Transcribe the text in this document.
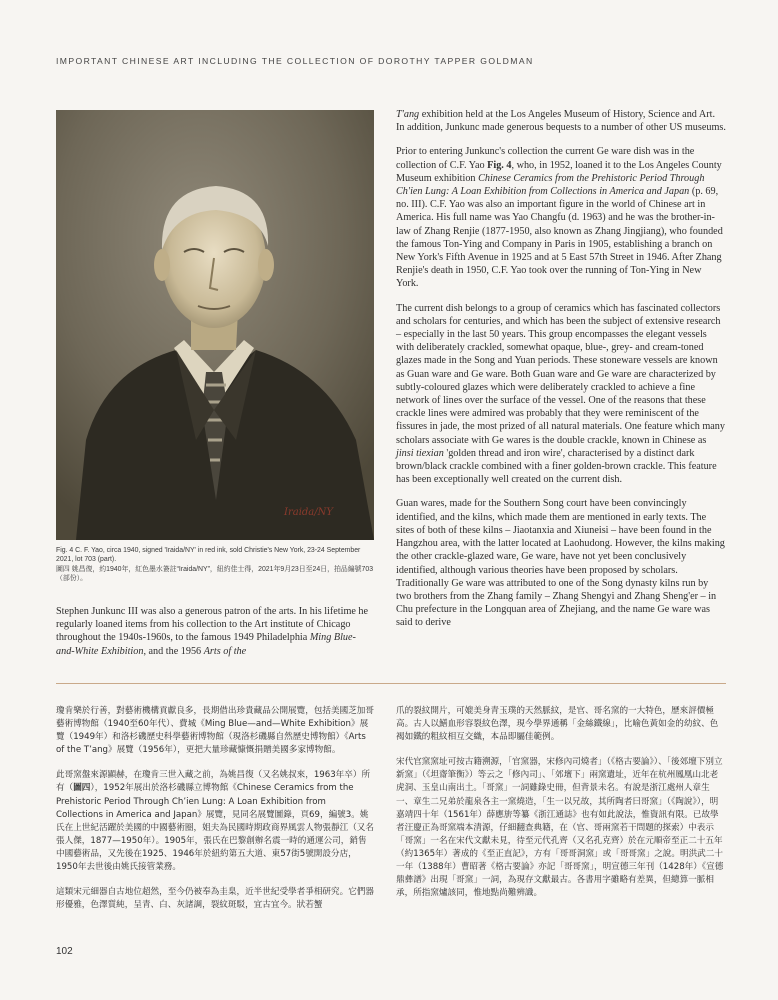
IMPORTANT CHINESE ART INCLUDING THE COLLECTION OF DOROTHY TAPPER GOLDMAN
Iraida/NY

Fig. 4 C. F. Yao, circa 1940, signed 'Iraida/NY' in red ink, sold Christie's New York, 23-24 September 2021, lot 703 (part).

圖四 姚昌復，約1940年，紅色墨水簽註“Iraida/NY”，紐約佳士得，2021年9月23日至24日，拍品編號703（部份）。

Stephen Junkunc III was also a generous patron of the arts. In his lifetime he regularly loaned items from his collection to the Art institute of Chicago throughout the 1940s-1960s, to the famous 1949 Philadelphia Ming Blue-and-White Exhibition, and the 1956 Arts of the

T'ang exhibition held at the Los Angeles Museum of History, Science and Art. In addition, Junkunc made generous bequests to a number of other US museums.

Prior to entering Junkunc's collection the current Ge ware dish was in the collection of C.F. Yao Fig. 4, who, in 1952, loaned it to the Los Angeles County Museum exhibition Chinese Ceramics from the Prehistoric Period Through Ch'ien Lung: A Loan Exhibition from Collections in America and Japan (p. 69, no. III). C.F. Yao was also an important figure in the world of Chinese art in America. His full name was Yao Changfu (d. 1963) and he was the brother-in-law of Zhang Renjie (1877-1950, also known as Zhang Jingjiang), who founded the famous Ton-Ying and Company in Paris in 1905, establishing a branch on New York's Fifth Avenue in 1925 and at 5 East 57th Street in 1946. After Zhang Renjie's death in 1950, C.F. Yao took over the running of Ton-Ying in New York.

The current dish belongs to a group of ceramics which has fascinated collectors and scholars for centuries, and which has been the subject of extensive research – especially in the last 50 years. This group encompasses the elegant vessels with deliberately crackled, somewhat opaque, blue-, grey- and cream-toned glazes made in the Song and Yuan periods. These stoneware vessels are known as Guan ware and Ge ware. Both Guan ware and Ge ware are characterized by subtly-coloured glazes which were deliberately crackled to achieve a fine network of lines over the surface of the vessel. One of the reasons that these crackle lines were admired was probably that they were reminiscent of the fissures in jade, the most prized of all natural materials. One feature which many scholars associate with Ge wares is the double crackle, known in Chinese as jinsi tiexian 'golden thread and iron wire', characterised by a distinct dark brown/black crackle combined with a finer golden-brown crackle. This feature has been exceptionally well created on the current dish.

Guan wares, made for the Southern Song court have been convincingly identified, and the kilns, which made them are mentioned in early texts. The sites of both of these kilns – Jiaotanxia and Xiuneisi – have been found in the Hangzhou area, with the latter located at Laohudong. However, the kilns making the other crackle-glazed ware, Ge ware, have not yet been conclusively identified, although various theories have been proposed by scholars. Traditionally Ge ware was attributed to one of the Song dynasty kilns run by two brothers from the Zhang family – Zhang Shengyi and Zhang Sheng'er – in Chu prefecture in the Longquan area of Zhejiang, and the name Ge ware was said to derive

瓊肯樂於行善，對藝術機構貢獻良多，長期借出珍貴藏品公開展覽，包括美國芝加哥藝術博物館（1940至60年代）、費城《Ming Blue—and—White Exhibition》展覽（1949年）和洛杉磯歷史科學藝術博物館（現洛杉磯縣自然歷史博物館）《Arts of the T’ang》展覽（1956年），更把大量珍藏慷慨捐贈美國多家博物館。

此哥窯盤來源顯赫，在瓊肯三世入藏之前，為姚昌復（又名姚叔來，1963年卒）所有（圖四），1952年展出於洛杉磯縣立博物館《Chinese Ceramics from the Prehistoric Period Through Ch’ien Lung: A Loan Exhibition from Collections in America and Japan》展覽，見同名展覽圖錄，頁69，編號3。姚氏在上世紀活躍於美國的中國藝術圈，姐夫為民國時期政商界風雲人物張靜江（又名張人傑，1877—1950年）。1905年，張氏在巴黎創辦名震一時的通運公司，銷售中國藝術品，又先後在1925、1946年於紐約第五大道、東57街5號開設分店，1950年去世後由姚氏接管業務。

這類宋元細器自古地位超然，至今仍被奉為圭臬，近半世紀受學者爭相研究。它們器形優雅，色澤質純，呈青、白、灰諸調，裂紋斑駁，宜古宜今。狀若蟹

爪的裂紋開片，可媲美身青玉璞的天然脈紋，是官、哥名窯的一大特色，歷來評價極高。古人以鱔血形容裂紋色澤，現今學界通稱「金絲鐵線」，比喻色黃如金的幼紋、色褐如鐵的粗紋相互交織，本品即屬佳範例。

宋代官窯窯址可按古籍溯源，「官窯器，宋修內司燒者」（《格古要論》）、「後郊壇下別立新窯」（《坦齋筆衡》）等云之「修內司」、「郊壇下」兩窯遺址，近年在杭州鳳凰山北老虎洞、玉皇山南出土。「哥窯」一詞雖錄史冊，但背景未名。有說是浙江處州人章生一、章生二兄弟於龍泉各主一窯燒造，「生一以兄故，其所陶者曰哥窯」（《陶說》），明嘉靖四十年（1561年）薛應旂等纂《浙江通誌》也有如此說法，惟資訊有限。已故學者汪慶正為哥窯端本清源，仔細翻查典籍，在（官、哥兩窯若干問題的探索）中表示「哥窯」一名在宋代文獻未見，待至元代孔齊（又名孔克齊）於在元順帝至正二十五年（約1365年）著成的《至正直記》，方有「哥哥洞窯」或「哥哥窯」之說。明洪武二十一年（1388年）曹昭著《格古要論》亦記「哥哥窯」，明宣德三年刊（1428年）《宣德鼎彝譜》出現「哥窯」一詞，為現存文獻最古。各書用字雖略有差異，但總算一脈相承，所指窯爐該同，惟地點尚難辨識。

102
